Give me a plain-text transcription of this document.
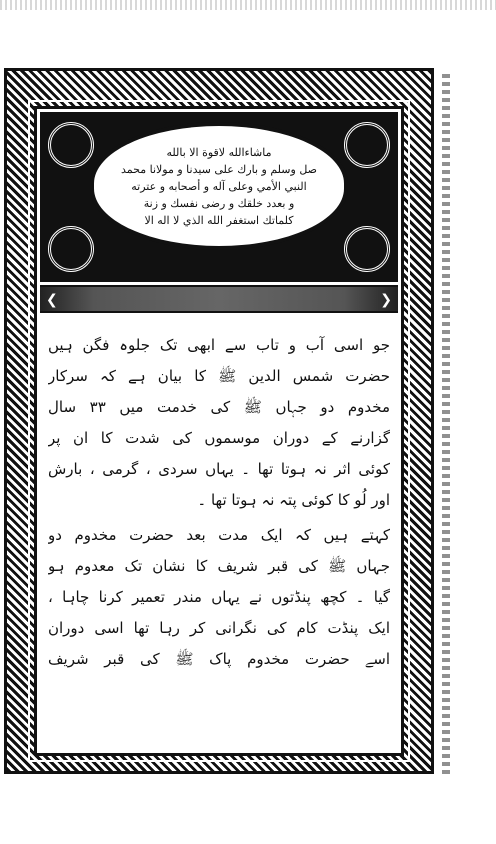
ماشاءالله لاقوة الا بالله
صل وسلم و بارك على سيدنا و مولانا محمد
النبي الأمي وعلى آله و أصحابه و عترته
و بعدد خلقك و رضى نفسك و زنة
كلماتك استغفر الله الذي لا اله الا
❮	❯
جو اسی آب و تاب سے ابھی تک جلوہ فگن ہیں
حضرت شمس الدین ﷺ کا بیان ہے کہ سرکار
مخدوم دو جہاں ﷺ کی خدمت میں ۳۳ سال
گزارنے کے دوران موسموں کی شدت کا ان پر
کوئی اثر نہ ہوتا تھا ۔ یہاں سردی ، گرمی ، بارش
اور لُو کا کوئی پتہ نہ ہوتا تھا ۔
کہتے ہیں کہ ایک مدت بعد حضرت مخدوم دو
جہاں ﷺ کی قبر شریف کا نشان تک معدوم ہو
گیا ۔ کچھ پنڈتوں نے یہاں مندر تعمیر کرنا چاہا ،
ایک پنڈت کام کی نگرانی کر رہا تھا اسی دوران
اسے حضرت مخدوم پاک ﷺ کی قبر شریف
